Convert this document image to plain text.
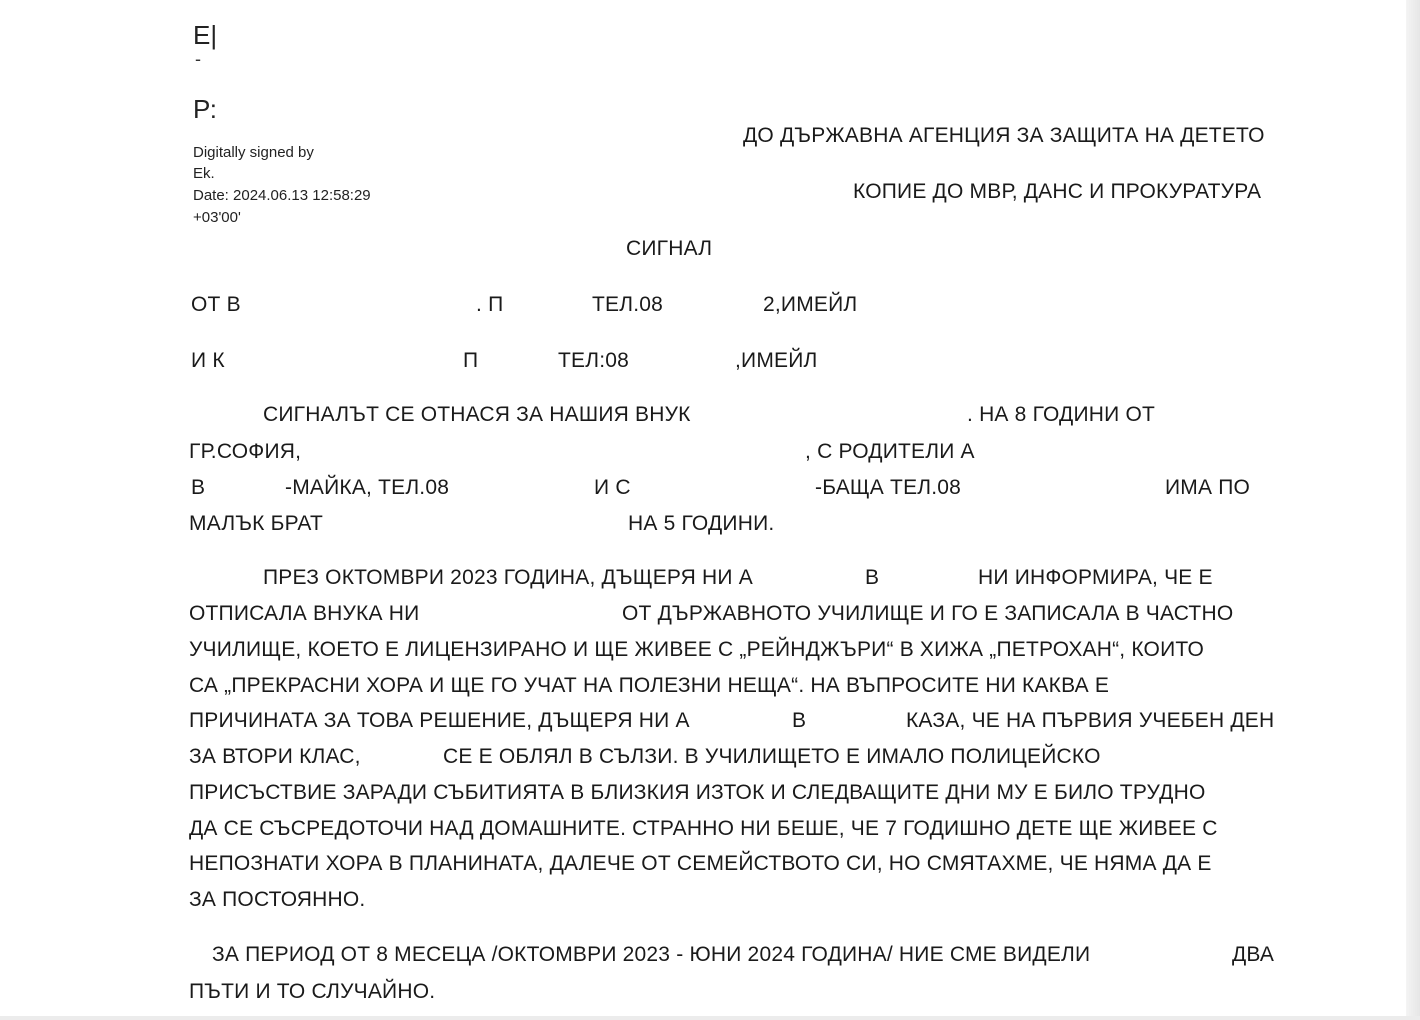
Е|
-
Р:
Digitally signed by
Ek.
Date: 2024.06.13 12:58:29
+03'00'
ДО ДЪРЖАВНА АГЕНЦИЯ ЗА ЗАЩИТА НА ДЕТЕТО
КОПИЕ ДО МВР, ДАНС И ПРОКУРАТУРА
СИГНАЛ
ОТ В	. П	ТЕЛ.08	2,ИМЕЙЛ
И К	П	ТЕЛ:08	,ИМЕЙЛ
СИГНАЛЪТ СЕ ОТНАСЯ ЗА НАШИЯ ВНУК	. НА 8 ГОДИНИ ОТ
ГР.СОФИЯ,	, С РОДИТЕЛИ А
В	-МАЙКА, ТЕЛ.08	И С	-БАЩА ТЕЛ.08	ИМА ПО
МАЛЪК БРАТ	НА 5 ГОДИНИ.
ПРЕЗ ОКТОМВРИ 2023 ГОДИНА, ДЪЩЕРЯ НИ А	В	НИ ИНФОРМИРА, ЧЕ Е
ОТПИСАЛА ВНУКА НИ	ОТ ДЪРЖАВНОТО УЧИЛИЩЕ И ГО Е ЗАПИСАЛА В ЧАСТНО
УЧИЛИЩЕ, КОЕТО Е ЛИЦЕНЗИРАНО И ЩЕ ЖИВЕЕ С „РЕЙНДЖЪРИ“ В ХИЖА „ПЕТРОХАН“, КОИТО
СА „ПРЕКРАСНИ ХОРА И ЩЕ ГО УЧАТ НА ПОЛЕЗНИ НЕЩА“. НА ВЪПРОСИТЕ НИ КАКВА Е
ПРИЧИНАТА ЗА ТОВА РЕШЕНИЕ, ДЪЩЕРЯ НИ А	В	КАЗА, ЧЕ НА ПЪРВИЯ УЧЕБЕН ДЕН
ЗА ВТОРИ КЛАС,	СЕ Е ОБЛЯЛ В СЪЛЗИ. В УЧИЛИЩЕТО Е ИМАЛО ПОЛИЦЕЙСКО
ПРИСЪСТВИЕ ЗАРАДИ СЪБИТИЯТА В БЛИЗКИЯ ИЗТОК И СЛЕДВАЩИТЕ ДНИ МУ Е БИЛО ТРУДНО
ДА СЕ СЪСРЕДОТОЧИ НАД ДОМАШНИТЕ. СТРАННО НИ БЕШЕ, ЧЕ 7 ГОДИШНО ДЕТЕ ЩЕ ЖИВЕЕ С
НЕПОЗНАТИ ХОРА В ПЛАНИНАТА, ДАЛЕЧЕ ОТ СЕМЕЙСТВОТО СИ, НО СМЯТАХМЕ, ЧЕ НЯМА ДА Е
ЗА ПОСТОЯННО.
ЗА ПЕРИОД ОТ 8 МЕСЕЦА /ОКТОМВРИ 2023 - ЮНИ 2024 ГОДИНА/ НИЕ СМЕ ВИДЕЛИ	ДВА
ПЪТИ И ТО СЛУЧАЙНО.
